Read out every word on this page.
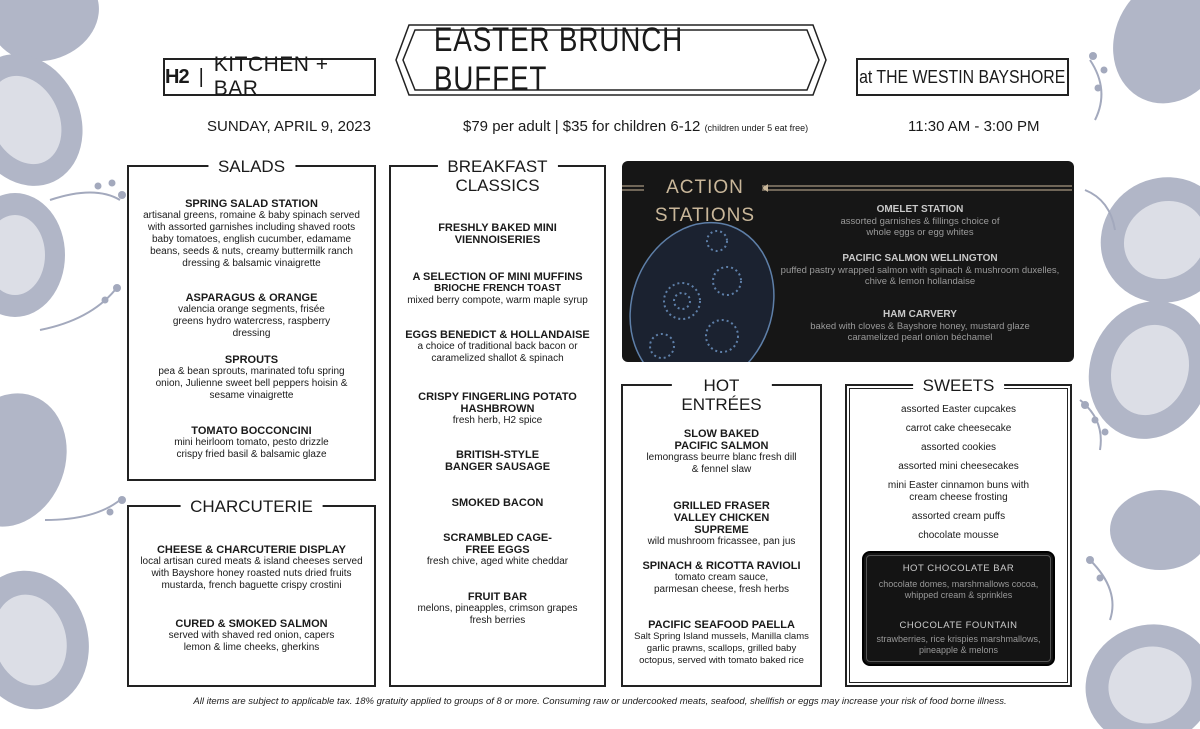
H2 |
KITCHEN + BAR
EASTER BRUNCH BUFFET	at THE WESTIN BAYSHORE
SUNDAY, APRIL 9, 2023	$79 per adult | $35 for children 6-12 (children under 5 eat free)	11:30 AM - 3:00 PM
SALADS
SPRING SALAD STATION
artisanal greens, romaine & baby spinach served with assorted garnishes including shaved roots baby tomatoes, english cucumber, edamame beans, seeds & nuts, creamy buttermilk ranch dressing & balsamic vinaigrette
ASPARAGUS & ORANGE
valencia orange segments, frisée greens hydro watercress, raspberry dressing
SPROUTS
pea & bean sprouts, marinated tofu spring onion, Julienne sweet bell peppers hoisin & sesame vinaigrette
TOMATO BOCCONCINI
mini heirloom tomato, pesto drizzle crispy fried basil & balsamic glaze
CHARCUTERIE
CHEESE & CHARCUTERIE DISPLAY
local artisan cured meats & island cheeses served with Bayshore honey roasted nuts dried fruits mustarda, french baguette crispy crostini
CURED & SMOKED SALMON
served with shaved red onion, capers lemon & lime cheeks, gherkins
BREAKFAST
CLASSICS
FRESHLY BAKED MINI VIENNOISERIES
A SELECTION OF MINI MUFFINS
BRIOCHE FRENCH TOAST
mixed berry compote, warm maple syrup
EGGS BENEDICT & HOLLANDAISE
a choice of traditional back bacon or caramelized shallot & spinach
CRISPY FINGERLING POTATO HASHBROWN
fresh herb, H2 spice
BRITISH-STYLE BANGER SAUSAGE
SMOKED BACON
SCRAMBLED CAGE-FREE EGGS
fresh chive, aged white cheddar
FRUIT BAR
melons, pineapples, crimson grapes fresh berries
ACTION
STATIONS	OMELET STATION
assorted garnishes & fillings choice of whole eggs or egg whites
PACIFIC SALMON WELLINGTON
puffed pastry wrapped salmon with spinach & mushroom duxelles, chive & lemon hollandaise
HAM CARVERY
baked with cloves & Bayshore honey, mustard glaze caramelized pearl onion béchamel
HOT
ENTRÉES
SLOW BAKED PACIFIC SALMON
lemongrass beurre blanc fresh dill & fennel slaw
GRILLED FRASER VALLEY CHICKEN SUPREME
wild mushroom fricassee, pan jus
SPINACH & RICOTTA RAVIOLI
tomato cream sauce, parmesan cheese, fresh herbs
PACIFIC SEAFOOD PAELLA
Salt Spring Island mussels, Manilla clams garlic prawns, scallops, grilled baby octopus, served with tomato baked rice
SWEETS
assorted Easter cupcakes
carrot cake cheesecake
assorted cookies
assorted mini cheesecakes
mini Easter cinnamon buns with cream cheese frosting
assorted cream puffs
chocolate mousse
HOT CHOCOLATE BAR
chocolate domes, marshmallows cocoa, whipped cream & sprinkles
CHOCOLATE FOUNTAIN
strawberries, rice krispies marshmallows, pineapple & melons
All items are subject to applicable tax. 18% gratuity applied to groups of 8 or more. Consuming raw or undercooked meats, seafood, shellfish or eggs may increase your risk of food borne illness.
